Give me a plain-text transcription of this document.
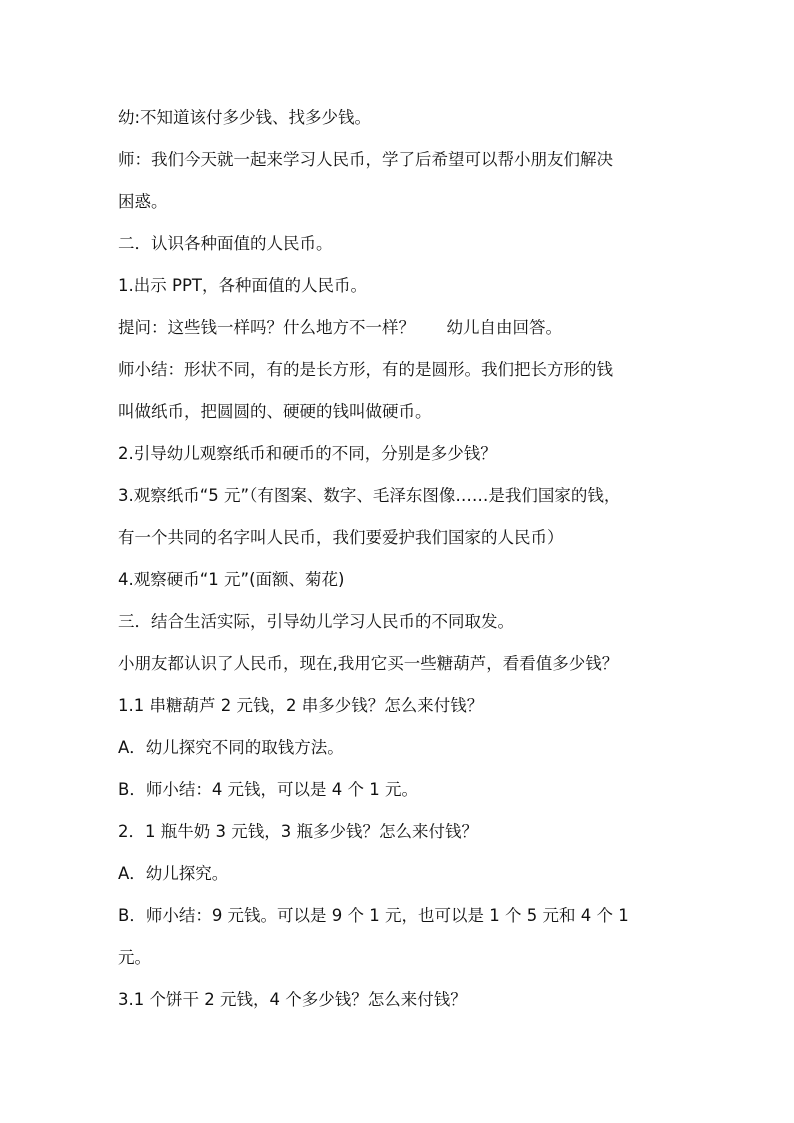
幼:不知道该付多少钱、找多少钱。

师：我们今天就一起来学习人民币，学了后希望可以帮小朋友们解决

困惑。

二．认识各种面值的人民币。

1.出示 PPT，各种面值的人民币。

提问：这些钱一样吗？什么地方不一样？      幼儿自由回答。

师小结：形状不同，有的是长方形，有的是圆形。我们把长方形的钱

叫做纸币，把圆圆的、硬硬的钱叫做硬币。

2.引导幼儿观察纸币和硬币的不同，分别是多少钱？

3.观察纸币“5 元”（有图案、数字、毛泽东图像……是我们国家的钱，

有一个共同的名字叫人民币，我们要爱护我们国家的人民币）

4.观察硬币“1 元”(面额、菊花)

三．结合生活实际，引导幼儿学习人民币的不同取发。

小朋友都认识了人民币，现在,我用它买一些糖葫芦，看看值多少钱？

1.1 串糖葫芦 2 元钱，2 串多少钱？怎么来付钱？

A．幼儿探究不同的取钱方法。

B．师小结：4 元钱，可以是 4 个 1 元。

2．1 瓶牛奶 3 元钱，3 瓶多少钱？怎么来付钱？

A．幼儿探究。

B．师小结：9 元钱。可以是 9 个 1 元，也可以是 1 个 5 元和 4 个 1

元。

3.1 个饼干 2 元钱，4 个多少钱？怎么来付钱？
